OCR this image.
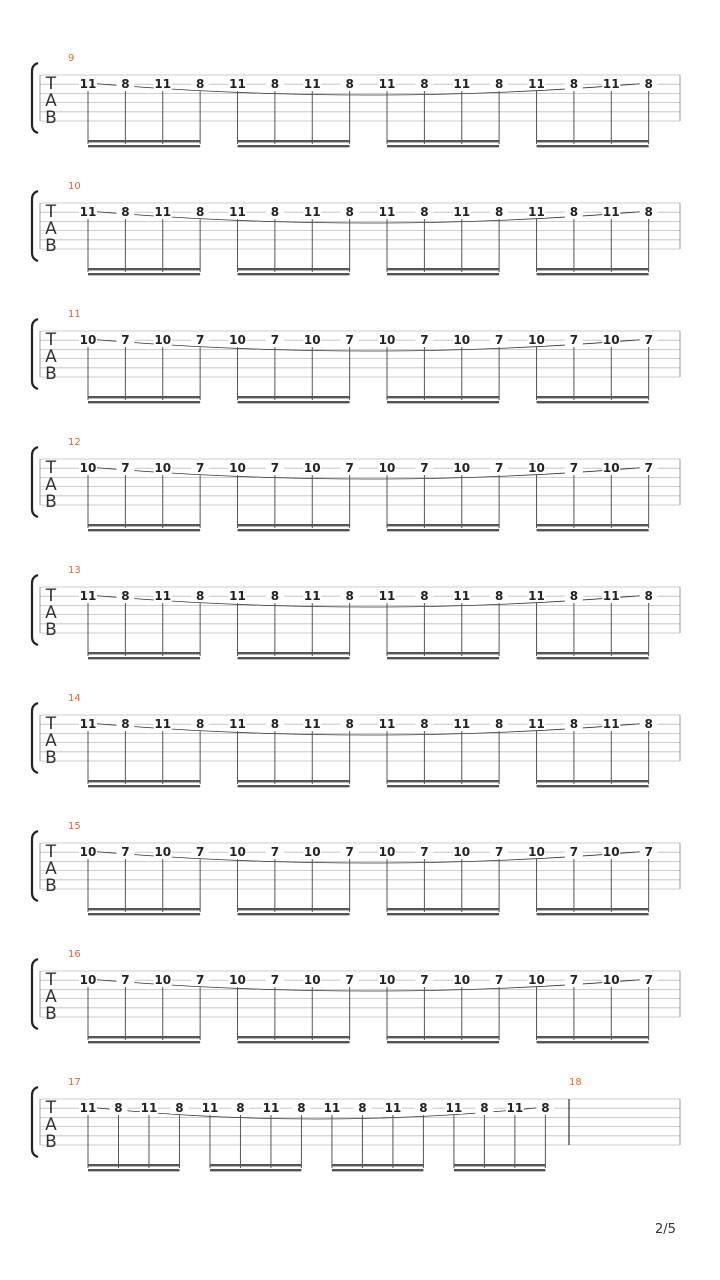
T
A
B
9
11 8 11 8 11 8 11 8 11 8 11 8 11 8 11 8
T
A
B
10
11 8 11 8 11 8 11 8 11 8 11 8 11 8 11 8
T
A
B
11
10 7 10 7 10 7 10 7 10 7 10 7 10 7 10 7
T
A
B
12
10 7 10 7 10 7 10 7 10 7 10 7 10 7 10 7
T
A
B
13
11 8 11 8 11 8 11 8 11 8 11 8 11 8 11 8
T
A
B
14
11 8 11 8 11 8 11 8 11 8 11 8 11 8 11 8
T
A
B
15
10 7 10 7 10 7 10 7 10 7 10 7 10 7 10 7
T
A
B
16
10 7 10 7 10 7 10 7 10 7 10 7 10 7 10 7
T
A
B
17
11 8 11 8 11 8 11 8 11 8 11 8 11 8 11 8
18
2/5
